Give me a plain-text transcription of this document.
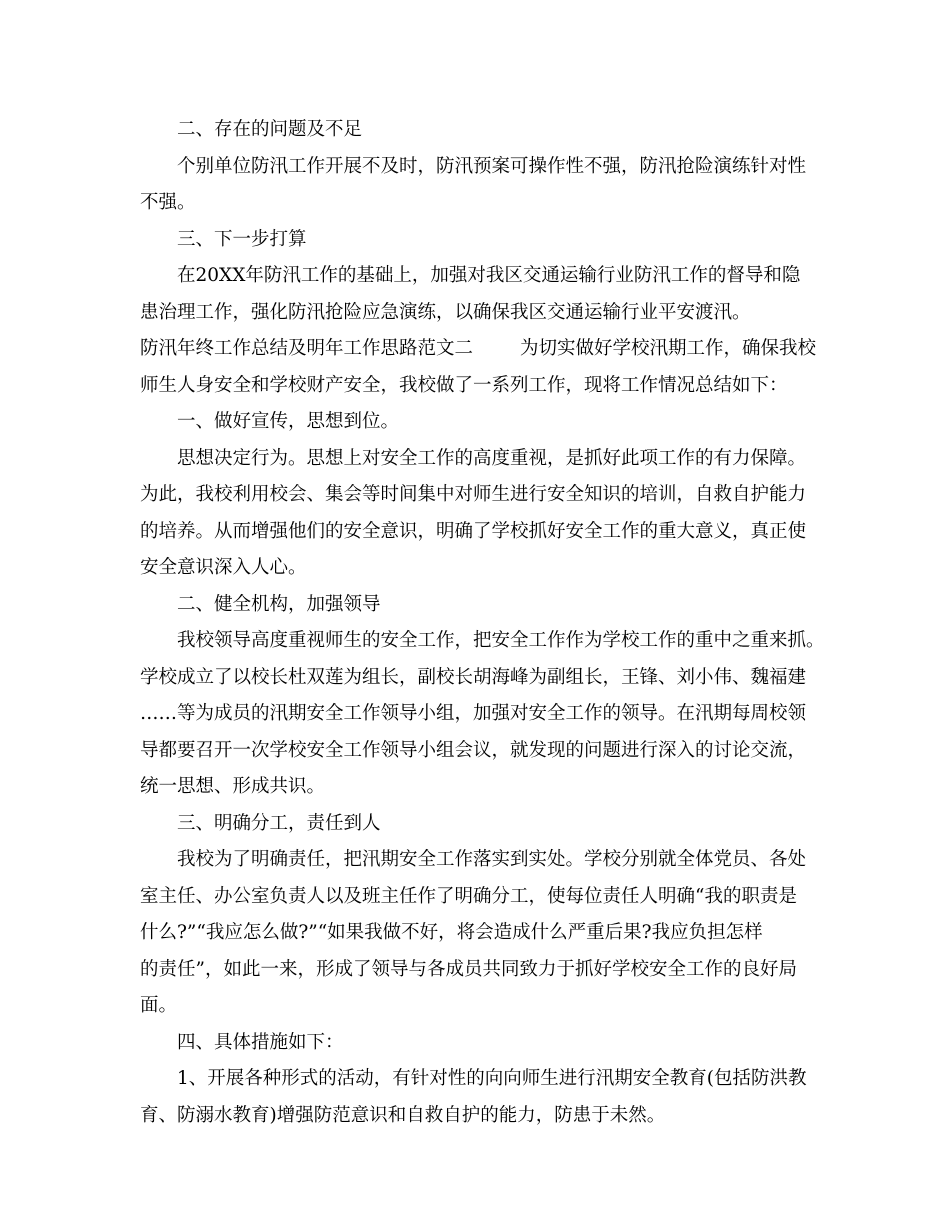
二、存在的问题及不足
个别单位防汛工作开展不及时，防汛预案可操作性不强，防汛抢险演练针对性
不强。
三、下一步打算
在20XX年防汛工作的基础上，加强对我区交通运输行业防汛工作的督导和隐
患治理工作，强化防汛抢险应急演练，以确保我区交通运输行业平安渡汛。
防汛年终工作总结及明年工作思路范文二        为切实做好学校汛期工作，确保我校
师生人身安全和学校财产安全，我校做了一系列工作，现将工作情况总结如下：
一、做好宣传，思想到位。
思想决定行为。思想上对安全工作的高度重视，是抓好此项工作的有力保障。
为此，我校利用校会、集会等时间集中对师生进行安全知识的培训，自救自护能力
的培养。从而增强他们的安全意识，明确了学校抓好安全工作的重大意义，真正使
安全意识深入人心。
二、健全机构，加强领导
我校领导高度重视师生的安全工作，把安全工作作为学校工作的重中之重来抓。
学校成立了以校长杜双莲为组长，副校长胡海峰为副组长，王锋、刘小伟、魏福建
……等为成员的汛期安全工作领导小组，加强对安全工作的领导。在汛期每周校领
导都要召开一次学校安全工作领导小组会议，就发现的问题进行深入的讨论交流，
统一思想、形成共识。
三、明确分工，责任到人
我校为了明确责任，把汛期安全工作落实到实处。学校分别就全体党员、各处
室主任、办公室负责人以及班主任作了明确分工，使每位责任人明确“我的职责是
什么?”“我应怎么做?”“如果我做不好，将会造成什么严重后果?我应负担怎样
的责任”，如此一来，形成了领导与各成员共同致力于抓好学校安全工作的良好局
面。
四、具体措施如下：
1、开展各种形式的活动，有针对性的向向师生进行汛期安全教育(包括防洪教
育、防溺水教育)增强防范意识和自救自护的能力，防患于未然。
